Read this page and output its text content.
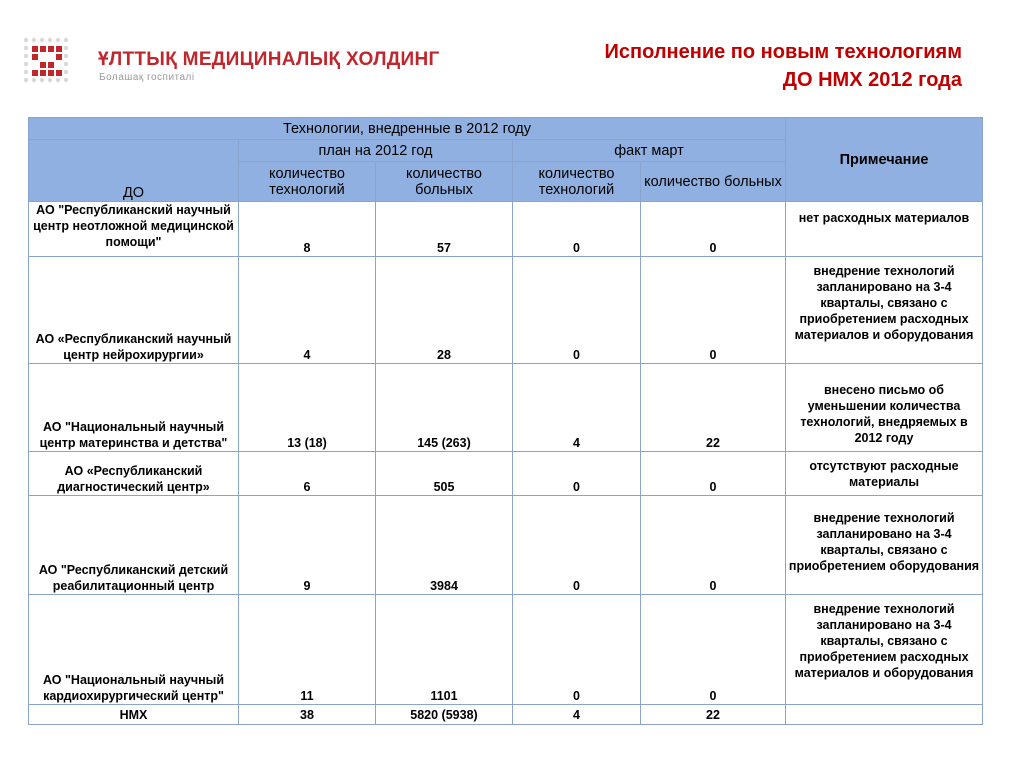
ҰЛТТЫҚ МЕДИЦИНАЛЫҚ ХОЛДИНГ
Болашақ госпиталі
Исполнение по новым технологиям
ДО НМХ 2012 года
Технологии, внедренные в 2012 году					Примечание
ДО	план на 2012 год		факт март		
	количество технологий	количество больных	количество технологий	количество больных	
АО "Республиканский научный центр неотложной медицинской помощи"	8	57	0	0	нет расходных материалов
АО «Республиканский научный центр нейрохирургии»	4	28	0	0	внедрение технологий запланировано на 3-4 кварталы, связано с приобретением расходных материалов и оборудования
АО "Национальный научный центр материнства и детства"	13 (18)	145 (263)	4	22	внесено письмо об уменьшении количества технологий, внедряемых в 2012 году
АО «Республиканский диагностический центр»	6	505	0	0	отсутствуют расходные материалы
АО "Республиканский детский реабилитационный центр	9	3984	0	0	внедрение технологий запланировано на 3-4 кварталы, связано с приобретением оборудования
АО "Национальный научный кардиохирургический центр"	11	1101	0	0	внедрение технологий запланировано на 3-4 кварталы, связано с приобретением расходных материалов и оборудования
НМХ	38	5820 (5938)	4	22	
